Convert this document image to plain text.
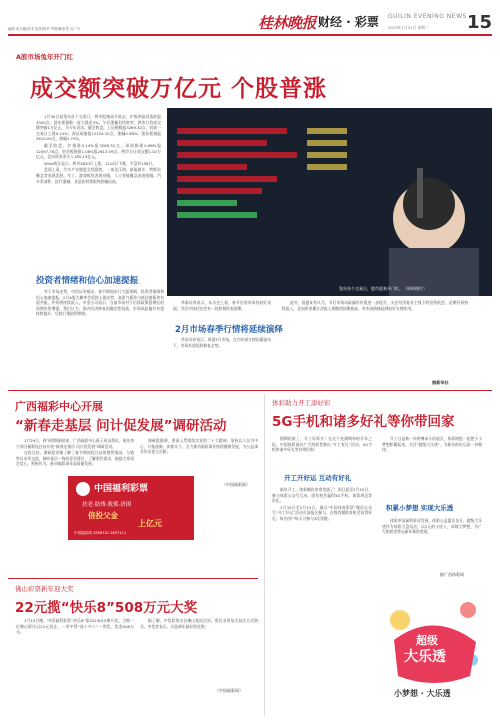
编辑 宋文雅/美术 伍妍/校对 罗凯琳/审签 石广兴	桂林晚报 财经 · 彩票 GUILIN EVENING NEWS
2023年1月31日 星期二 15
A股市场兔年开门红
成交额突破万亿元 个股普涨

1月30日是兔年首个交易日，两市股指高开低走，沪指冲高回落收报3300点，创业板指数一度大涨近3%。午后涨幅有所收窄，两市日均成交额突破1万亿元，为今年首次。截至收盘，上证指数报3269.32点，较前一交易日上涨0.14%；深证成指报12124.10点，涨幅0.98%；创业板指报2613.09点，涨幅1.74%。

截至收盘，沪指涨0.14%报3269.32点，深成指涨0.98%报12097.76点，创业板指涨1.08%报2613.09点。两市合计成交额1.02万亿元。北向资金净买入185.14亿元。

Wind统计显示，两市3820只上涨，1110只下跌，平盘有158只。

盘面上看，汽车产业链股全线强势，一体化压铸、新能源车、特斯拉概念等表现活跃。军工、游戏板块表现亮眼，人工智能概念表现抢眼。汽车零部件、医疗器械、食品饮料等板块跌幅居前。

兔年首个交易日，股市迎来开门红。（资料图片）
投资者情绪和信心加速提振

对于市场走势，中信证券指出，春节期间出行大超预期，投资者情绪和信心加速提振，2月A股大概率会延续上涨态势，高景气板块与低估值板块有望共振，外资将持续流入。中金公司表示，当前市场对于后续政策稳增长的预期有所增强。我们认为，国内经济修复的确定性较高，市场风险偏好有望持续提升，后续行情值得期待。

华泰证券表示，从历史上看，春节后的市场有较好表现。节后市场往往会有一段积极的表现期。

2月市场春季行情将延续演绎

华安证券表示，展望2月市场，在内外部支撑因素驱动下，市场有望延续修复走势。

此外，国盛证券认为，节后市场风险偏好有望进一步提升，关注经济复苏主线下的投资机会。近期外资持续流入，北向资金累计净流入规模创同期新高，对市场情绪起到较好支撑作用。

据新华社
广西福彩中心开展
“新春走基层 问计促发展”调研活动

1月29日，春节假期刚结束，广西福彩中心班子成员带队，前往南宁部分福彩投注站开展“新春走基层 问计促发展”调研活动。

在投注站，调研组详细了解了春节期间投注站的销售情况，与销售员亲切交流，倾听基层一线的意见建议，了解彩民需求，鼓励大家坚定信心，积极作为，推动福彩事业高质量发展。

调研组强调，要深入贯彻落实党的二十大精神，坚持以人民为中心，开拓创新，真抓实干，全力推动福彩事业持续健康发展，为公益事业作出更大贡献。

（中国福彩网）
中国福利彩票
扶老·助残·救孤·济困
倍投父金
上亿元
中国福彩网 2858741 2837111
佛山彩票新年迎大奖
22元揽“快乐8”508万元大奖

1月15日晚，中国福利彩票“快乐8”第2023015期开奖。当期一位佛山彩民以22元投注，一举中得“选十中十”一等奖，奖金508万元。

据了解，中奖彩票出自佛山某投注站，彩民采用复式投注方式购买。中奖者表示，这是新年最好的礼物。

（中国福彩网）
体彩助力开工添好彩
5G手机和诸多好礼等你带回家

假期结束了，开工好彩头！在这个充满期待的开年之际，中国体彩面向广大购彩者推出“开工有礼”活动，5G手机和诸多好礼等你带回家！

开工开好运 互动有好礼

新年开工，体彩喊你来拿奖励了！即日起至2月15日，参与体彩公众号互动，即有机会赢得5G手机、体彩周边等好礼。

1月30日至2月13日，通过“中国体育彩票”微信公众号“开工好运”活动页面报名参与，在线答题即有机会获得好礼；每位用户每天可参与3次答题。

开工日是新一年拼搏奋斗的起点，体彩陪您一起把小小梦想积累起来。关注“超级大乐透”，为新年的好运添一份期待。

积累小梦想 实现大乐透

体彩中国福利事业发展，体彩公益惠及各方。超级大乐透作为体彩大盘玩法，以2元的小投入，承载大梦想，为广大购彩者带去新年新的希望。

据广西体彩网
超级
大乐透
小梦想 · 大乐透
